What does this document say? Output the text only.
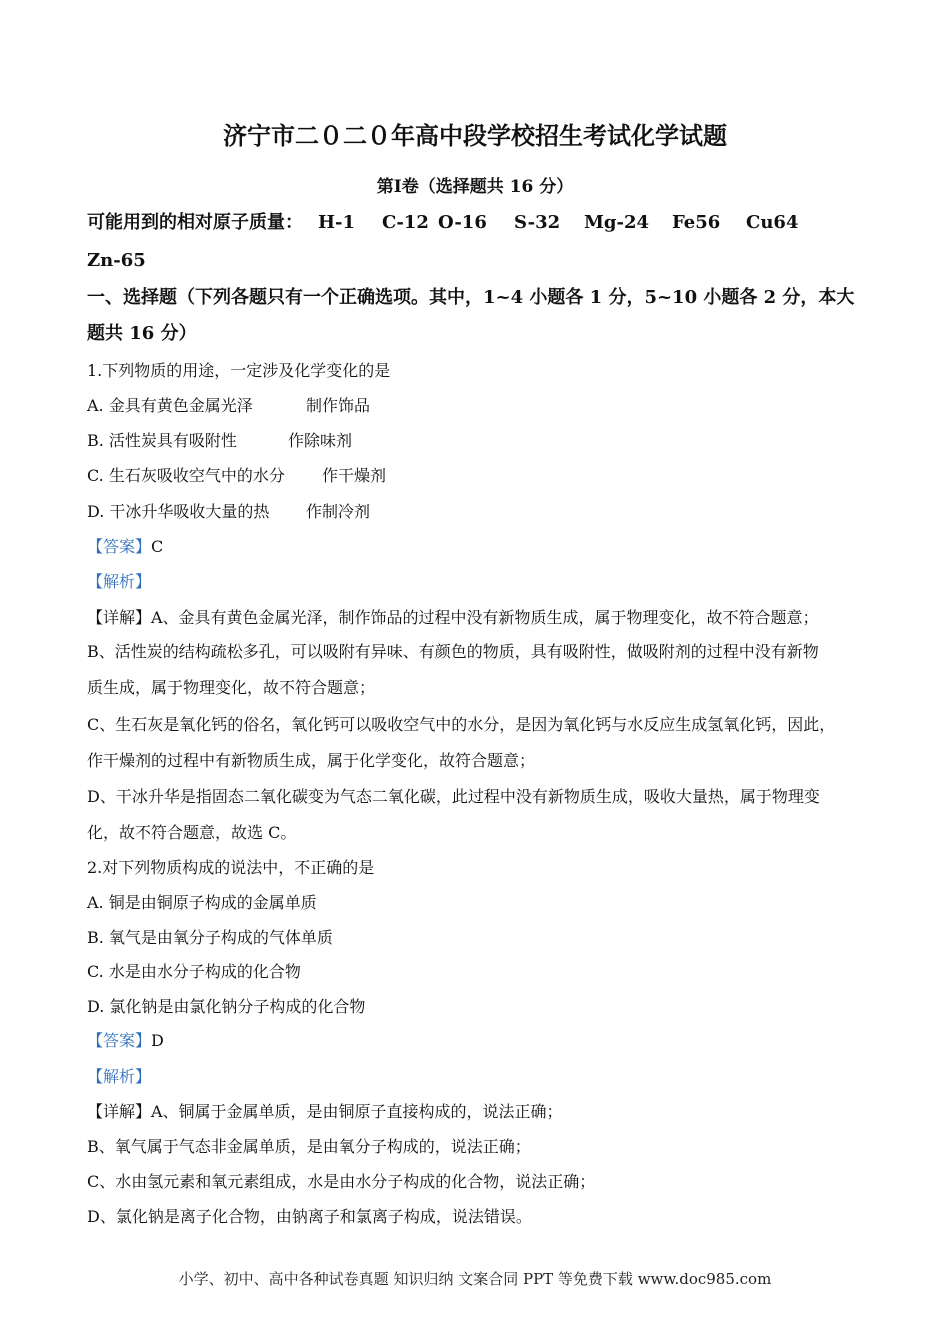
济宁市二０二０年高中段学校招生考试化学试题
第Ⅰ卷（选择题共 16 分）
可能用到的相对原子质量： H-1 C-12 O-16 S-32 Mg-24 Fe56 Cu64
Zn-65
一、选择题（下列各题只有一个正确选项。其中，1~4 小题各 1 分，5~10 小题各 2 分，本大
题共 16 分）
1.下列物质的用途，一定涉及化学变化的是
A. 金具有黄色金属光泽	制作饰品
B. 活性炭具有吸附性	作除味剂
C. 生石灰吸收空气中的水分 作干燥剂
D. 干冰升华吸收大量的热 作制冷剂
【答案】C
【解析】
【详解】A、金具有黄色金属光泽，制作饰品的过程中没有新物质生成，属于物理变化，故不符合题意；
B、活性炭的结构疏松多孔，可以吸附有异味、有颜色的物质，具有吸附性，做吸附剂的过程中没有新物
质生成，属于物理变化，故不符合题意；
C、生石灰是氧化钙的俗名，氧化钙可以吸收空气中的水分，是因为氧化钙与水反应生成氢氧化钙，因此，
作干燥剂的过程中有新物质生成，属于化学变化，故符合题意；
D、干冰升华是指固态二氧化碳变为气态二氧化碳，此过程中没有新物质生成，吸收大量热，属于物理变
化，故不符合题意，故选 C。
2.对下列物质构成的说法中，不正确的是
A. 铜是由铜原子构成的金属单质
B. 氧气是由氧分子构成的气体单质
C. 水是由水分子构成的化合物
D. 氯化钠是由氯化钠分子构成的化合物
【答案】D
【解析】
【详解】A、铜属于金属单质，是由铜原子直接构成的，说法正确；
B、氧气属于气态非金属单质，是由氧分子构成的，说法正确；
C、水由氢元素和氧元素组成，水是由水分子构成的化合物，说法正确；
D、氯化钠是离子化合物，由钠离子和氯离子构成，说法错误。
小学、初中、高中各种试卷真题 知识归纳 文案合同 PPT 等免费下载 www.doc985.com
